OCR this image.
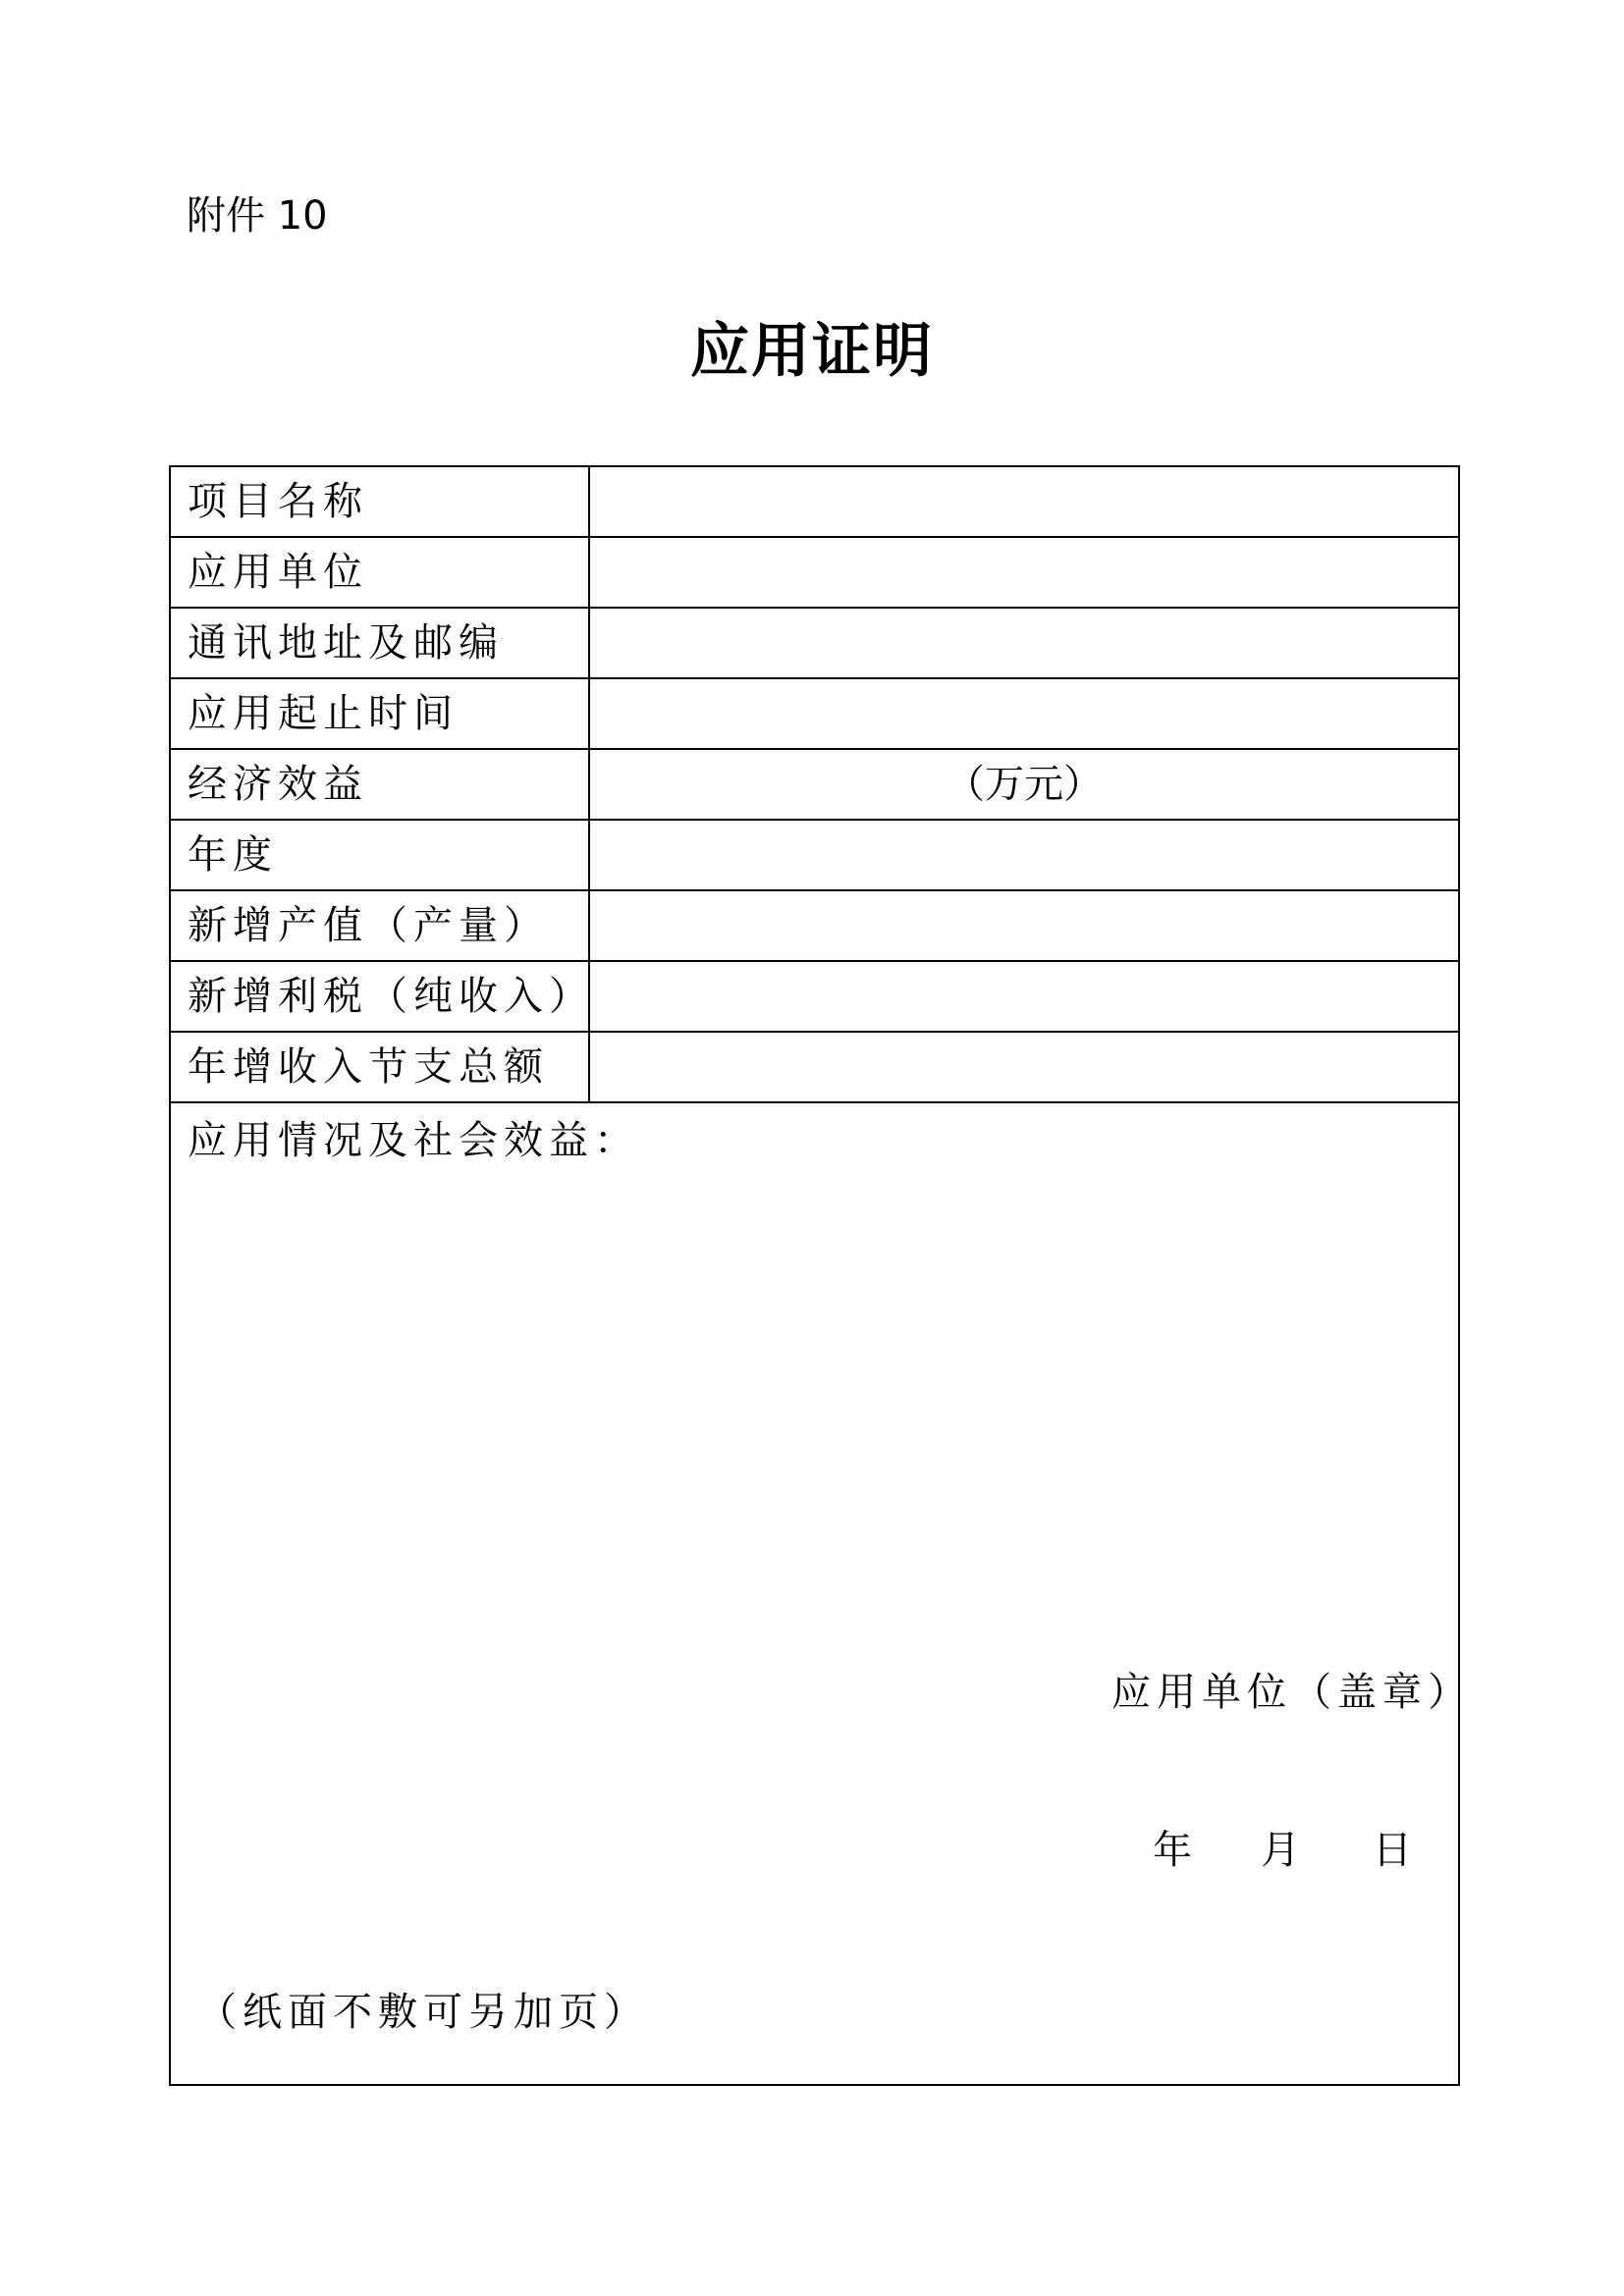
附件 10
应用证明
项目名称
应用单位
通讯地址及邮编
应用起止时间
经济效益	（万元）
年度
新增产值（产量）
新增利税（纯收入）
年增收入节支总额
应用情况及社会效益：
应用单位（盖章）
年 月 日
（纸面不敷可另加页）
